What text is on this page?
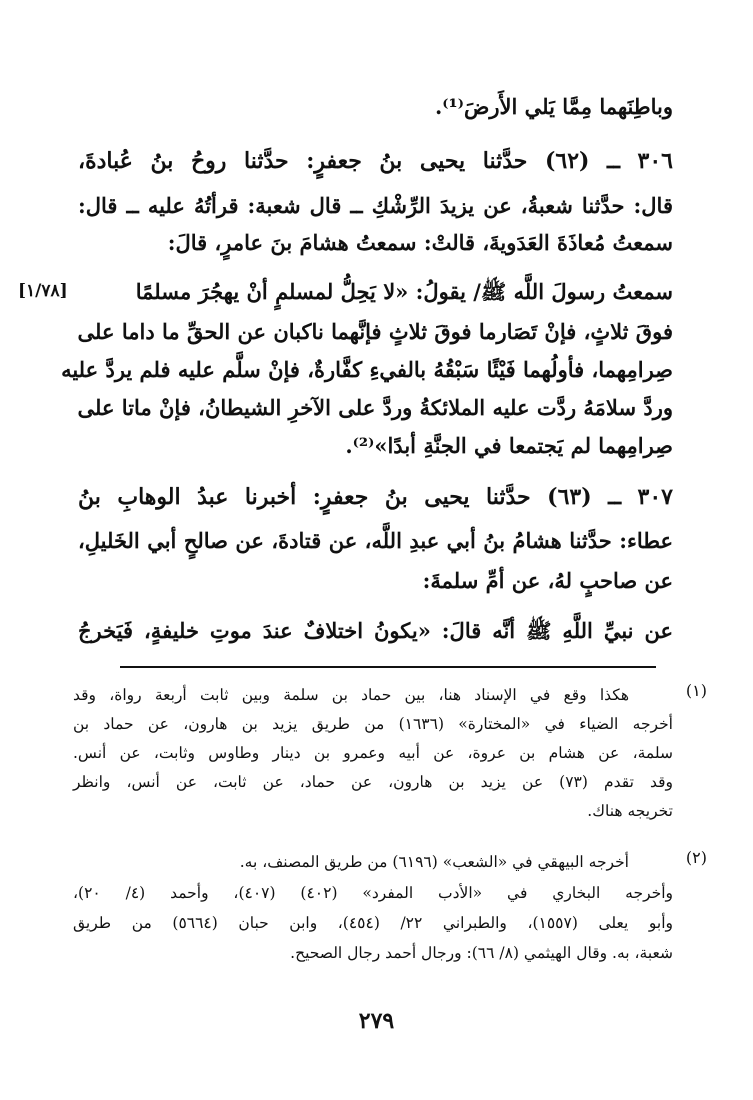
وباطِنَهما مِمَّا يَلي الأَرضَ⁽¹⁾.
٣٠٦ ــ (٦٢) حدَّثنا يحيى بنُ جعفرٍ: حدَّثنا روحُ بنُ عُبادةَ،
قال: حدَّثنا شعبةُ، عن يزيدَ الرِّشْكِ ــ قال شعبة: قرأتُهُ عليه ــ قال:
سمعتُ مُعاذَةَ العَدَويةَ، قالتْ: سمعتُ هشامَ بنَ عامرٍ، قالَ:
[١/٧٨]	سمعتُ رسولَ اللَّه ﷺ/ يقولُ: «لا يَحِلُّ لمسلمٍ أنْ يهجُرَ مسلمًا
فوقَ ثلاثٍ، فإنْ تَصَارما فوقَ ثلاثٍ فإنَّهما ناكبان عن الحقِّ ما داما على
صِرامِهما، فأولُهما فَيْئًا سَبْقُهُ بالفيءِ كفَّارةٌ، فإنْ سلَّم عليه فلم يردَّ عليه
وردَّ سلامَهُ ردَّت عليه الملائكةُ وردَّ على الآخرِ الشيطانُ، فإنْ ماتا على
صِرامِهما لم يَجتمعا في الجنَّةِ أبدًا»⁽²⁾.
٣٠٧ ــ (٦٣) حدَّثنا يحيى بنُ جعفرٍ: أخبرنا عبدُ الوهابِ بنُ
عطاء: حدَّثنا هشامُ بنُ أبي عبدِ اللَّه، عن قتادةَ، عن صالحٍ أبي الخَليلِ،
عن صاحبٍ لهُ، عن أمِّ سلمةَ:
عن نبيِّ اللَّهِ ﷺ أنَّه قالَ: «يكونُ اختلافٌ عندَ موتِ خليفةٍ، فَيَخرجُ
(١)
هكذا وقع في الإسناد هنا، بين حماد بن سلمة وبين ثابت أربعة رواة، وقد
أخرجه الضياء في «المختارة» (١٦٣٦) من طريق يزيد بن هارون، عن حماد بن
سلمة، عن هشام بن عروة، عن أبيه وعمرو بن دينار وطاوس وثابت، عن أنس.
وقد تقدم (٧٣) عن يزيد بن هارون، عن حماد، عن ثابت، عن أنس، وانظر
تخريجه هناك.
(٢)
أخرجه البيهقي في «الشعب» (٦١٩٦) من طريق المصنف، به.
وأخرجه البخاري في «الأدب المفرد» (٤٠٢) (٤٠٧)، وأحمد (٤/ ٢٠)،
وأبو يعلى (١٥٥٧)، والطبراني ٢٢/ (٤٥٤)، وابن حبان (٥٦٦٤) من طريق
شعبة، به. وقال الهيثمي (٨/ ٦٦): ورجال أحمد رجال الصحيح.
٢٧٩
